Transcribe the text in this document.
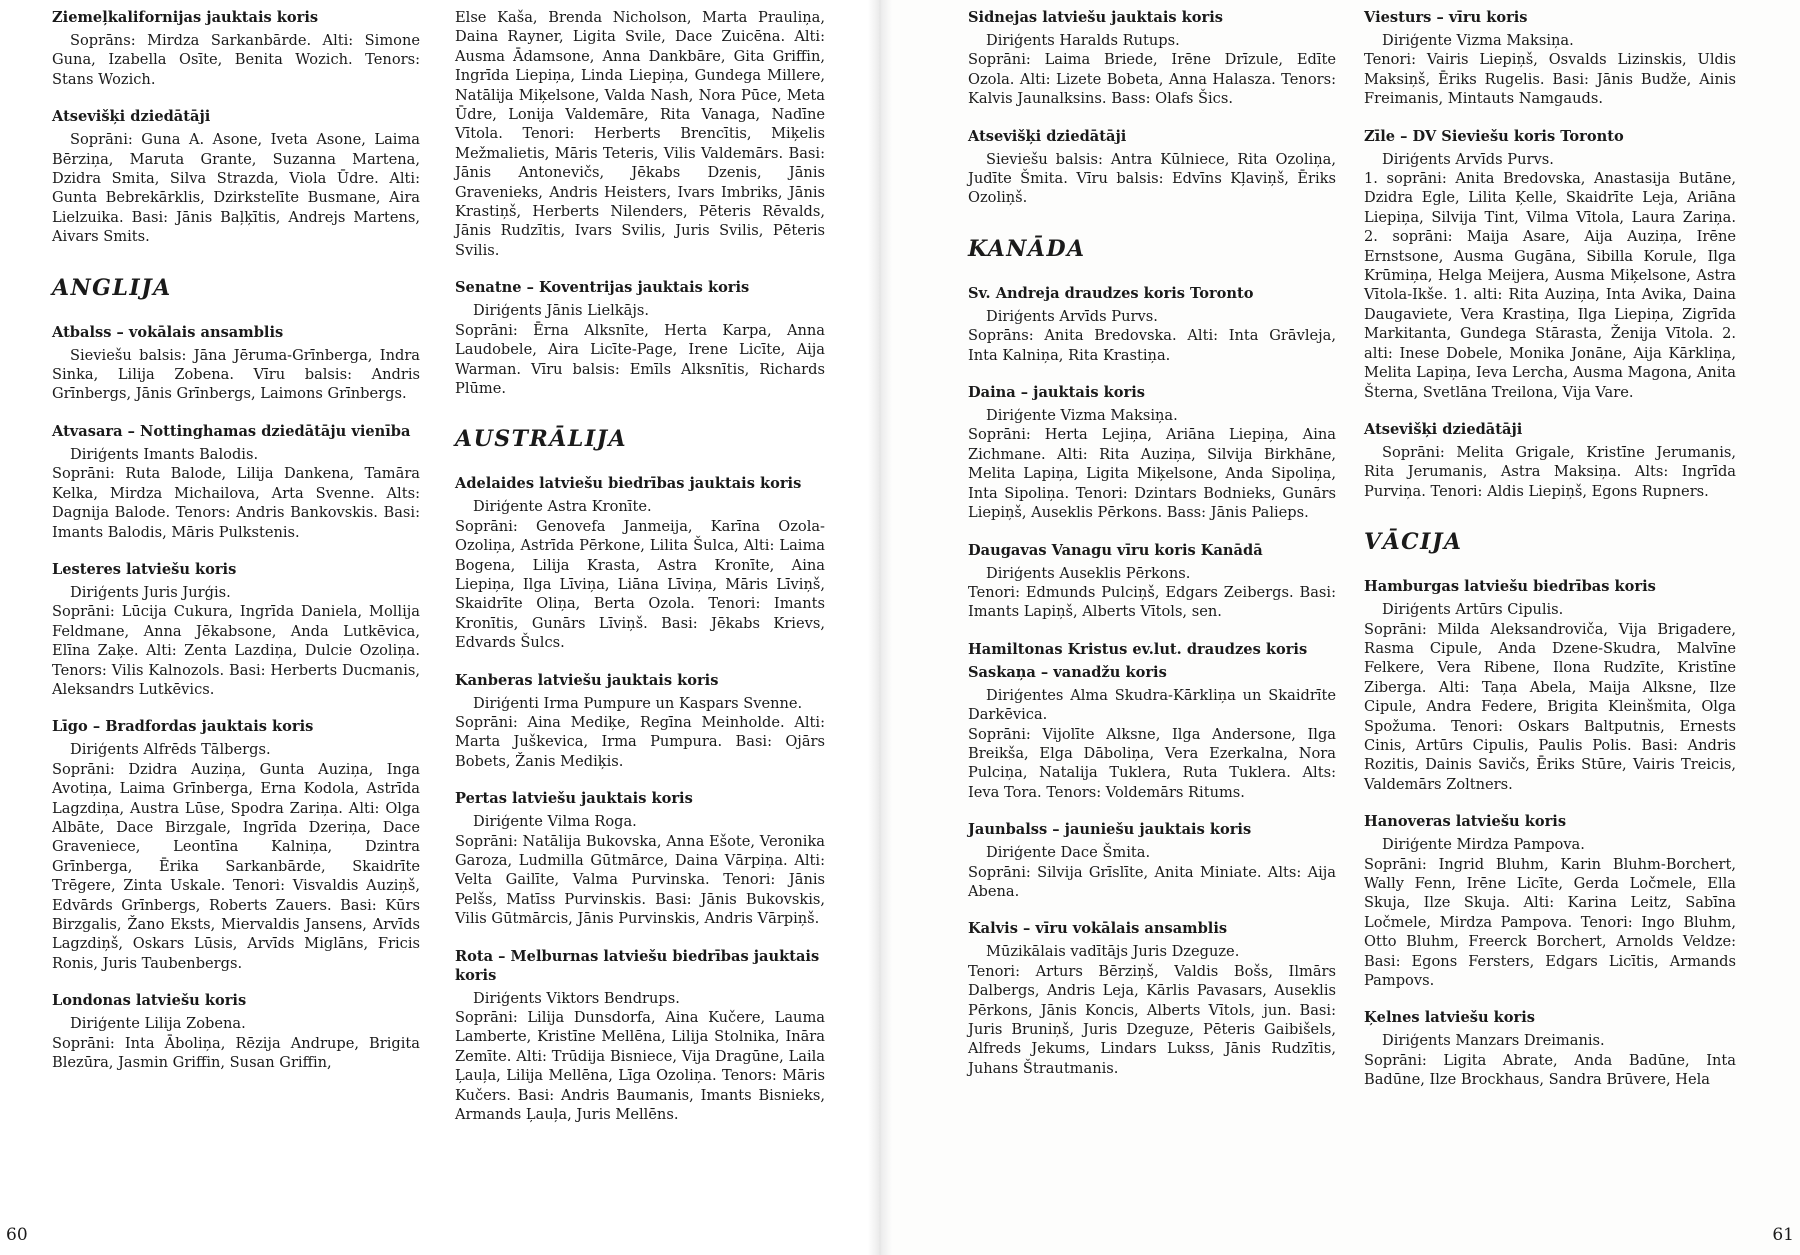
Ziemeļkalifornijas jauktais koris

Soprāns: Mirdza Sarkanbārde. Alti: Simone Guna, Izabella Osīte, Benita Wozich. Tenors: Stans Wozich.

Atsevišķi dziedātāji

Soprāni: Guna A. Asone, Iveta Asone, Laima Bērziņa, Maruta Grante, Suzanna Martena, Dzidra Smita, Silva Strazda, Viola Ūdre. Alti: Gunta Bebrekārklis, Dzirkstelīte Busmane, Aira Lielzuika. Basi: Jānis Baļķītis, Andrejs Martens, Aivars Smits.

ANGLIJA
Atbalss – vokālais ansamblis

Sieviešu balsis: Jāna Jēruma-Grīnberga, Indra Sinka, Lilija Zobena. Vīru balsis: Andris Grīnbergs, Jānis Grīnbergs, Laimons Grīnbergs.

Atvasara – Nottinghamas dziedātāju vienība

Diriģents Imants Balodis.
Soprāni: Ruta Balode, Lilija Dankena, Tamāra Kelka, Mirdza Michailova, Arta Svenne. Alts: Dagnija Balode. Tenors: Andris Bankovskis. Basi: Imants Balodis, Māris Pulkstenis.

Lesteres latviešu koris

Diriģents Juris Jurģis.
Soprāni: Lūcija Cukura, Ingrīda Daniela, Mollija Feldmane, Anna Jēkabsone, Anda Lutkēvica, Elīna Zaķe. Alti: Zenta Lazdiņa, Dulcie Ozoliņa. Tenors: Vilis Kalnozols. Basi: Herberts Ducmanis, Aleksandrs Lutkēvics.

Līgo – Bradfordas jauktais koris

Diriģents Alfrēds Tālbergs.
Soprāni: Dzidra Auziņa, Gunta Auziņa, Inga Avotiņa, Laima Grīnberga, Erna Kodola, Astrīda Lagzdiņa, Austra Lūse, Spodra Zariņa. Alti: Olga Albāte, Dace Birzgale, Ingrīda Dzeriņa, Dace Graveniece, Leontīna Kalniņa, Dzintra Grīnberga, Ērika Sarkanbārde, Skaidrīte Trēgere, Zinta Uskale. Tenori: Visvaldis Auziņš, Edvārds Grīnbergs, Roberts Zauers. Basi: Kūrs Birzgalis, Žano Eksts, Miervaldis Jansens, Arvīds Lagzdiņš, Oskars Lūsis, Arvīds Miglāns, Fricis Ronis, Juris Taubenbergs.

Londonas latviešu koris

Diriģente Lilija Zobena.
Soprāni: Inta Āboliņa, Rēzija Andrupe, Brigita Blezūra, Jasmin Griffin, Susan Griffin,

Else Kaša, Brenda Nicholson, Marta Prauliņa, Daina Rayner, Ligita Svile, Dace Zuicēna. Alti: Ausma Ādamsone, Anna Dankbāre, Gita Griffin, Ingrīda Liepiņa, Linda Liepiņa, Gundega Millere, Natālija Miķelsone, Valda Nash, Nora Pūce, Meta Ūdre, Lonija Valdemāre, Rita Vanaga, Nadīne Vītola. Tenori: Herberts Brencītis, Miķelis Mežmalietis, Māris Teteris, Vilis Valdemārs. Basi: Jānis Antonevičs, Jēkabs Dzenis, Jānis Gravenieks, Andris Heisters, Ivars Imbriks, Jānis Krastiņš, Herberts Nilenders, Pēteris Rēvalds, Jānis Rudzītis, Ivars Svilis, Juris Svilis, Pēteris Svilis.

Senatne – Koventrijas jauktais koris

Diriģents Jānis Lielkājs.
Soprāni: Ērna Alksnīte, Herta Karpa, Anna Laudobele, Aira Licīte-Page, Irene Licīte, Aija Warman. Vīru balsis: Emīls Alksnītis, Richards Plūme.

AUSTRĀLIJA
Adelaides latviešu biedrības jauktais koris

Diriģente Astra Kronīte.
Soprāni: Genovefa Janmeija, Karīna Ozola-Ozoliņa, Astrīda Pērkone, Lilita Šulca, Alti: Laima Bogena, Lilija Krasta, Astra Kronīte, Aina Liepiņa, Ilga Līviņa, Liāna Līviņa, Māris Līviņš, Skaidrīte Oliņa, Berta Ozola. Tenori: Imants Kronītis, Gunārs Līviņš. Basi: Jēkabs Krievs, Edvards Šulcs.

Kanberas latviešu jauktais koris

Diriģenti Irma Pumpure un Kaspars Svenne.
Soprāni: Aina Mediķe, Regīna Meinholde. Alti: Marta Juškevica, Irma Pumpura. Basi: Ojārs Bobets, Žanis Mediķis.

Pertas latviešu jauktais koris

Diriģente Vilma Roga.
Soprāni: Natālija Bukovska, Anna Ešote, Veronika Garoza, Ludmilla Gūtmārce, Daina Vārpiņa. Alti: Velta Gailīte, Valma Purvinska. Tenori: Jānis Pelšs, Matīss Purvinskis. Basi: Jānis Bukovskis, Vilis Gūtmārcis, Jānis Purvinskis, Andris Vārpiņš.

Rota – Melburnas latviešu biedrības jauktais koris

Diriģents Viktors Bendrups.
Soprāni: Lilija Dunsdorfa, Aina Kučere, Lauma Lamberte, Kristīne Mellēna, Lilija Stolnika, Ināra Zemīte. Alti: Trūdija Bisniece, Vija Dragūne, Laila Ļauļa, Lilija Mellēna, Līga Ozoliņa. Tenors: Māris Kučers. Basi: Andris Baumanis, Imants Bisnieks, Armands Ļauļa, Juris Mellēns.

Sidnejas latviešu jauktais koris

Diriģents Haralds Rutups.
Soprāni: Laima Briede, Irēne Drīzule, Edīte Ozola. Alti: Lizete Bobeta, Anna Halasza. Tenors: Kalvis Jaunalksins. Bass: Olafs Šics.

Atsevišķi dziedātāji

Sieviešu balsis: Antra Kūlniece, Rita Ozoliņa, Judīte Šmita. Vīru balsis: Edvīns Kļaviņš, Ēriks Ozoliņš.

KANĀDA
Sv. Andreja draudzes koris Toronto

Diriģents Arvīds Purvs.
Soprāns: Anita Bredovska. Alti: Inta Grāvleja, Inta Kalniņa, Rita Krastiņa.

Daina – jauktais koris

Diriģente Vizma Maksiņa.
Soprāni: Herta Lejiņa, Ariāna Liepiņa, Aina Zichmane. Alti: Rita Auziņa, Silvija Birkhāne, Melita Lapiņa, Ligita Miķelsone, Anda Sipoliņa, Inta Sipoliņa. Tenori: Dzintars Bodnieks, Gunārs Liepiņš, Auseklis Pērkons. Bass: Jānis Palieps.

Daugavas Vanagu vīru koris Kanādā

Diriģents Auseklis Pērkons.
Tenori: Edmunds Pulciņš, Edgars Zeibergs. Basi: Imants Lapiņš, Alberts Vītols, sen.

Hamiltonas Kristus ev.lut. draudzes koris
Saskaņa – vanadžu koris

Diriģentes Alma Skudra-Kārkliņa un Skaidrīte Darkēvica.
Soprāni: Vijolīte Alksne, Ilga Andersone, Ilga Breikša, Elga Dāboliņa, Vera Ezerkalna, Nora Pulciņa, Natalija Tuklera, Ruta Tuklera. Alts: Ieva Tora. Tenors: Voldemārs Ritums.

Jaunbalss – jauniešu jauktais koris

Diriģente Dace Šmita.
Soprāni: Silvija Grīslīte, Anita Miniate. Alts: Aija Abena.

Kalvis – vīru vokālais ansamblis

Mūzikālais vadītājs Juris Dzeguze.
Tenori: Arturs Bērziņš, Valdis Bošs, Ilmārs Dalbergs, Andris Leja, Kārlis Pavasars, Auseklis Pērkons, Jānis Koncis, Alberts Vītols, jun. Basi: Juris Bruniņš, Juris Dzeguze, Pēteris Gaibišels, Alfreds Jekums, Lindars Lukss, Jānis Rudzītis, Juhans Štrautmanis.

Viesturs – vīru koris

Diriģente Vizma Maksiņa.
Tenori: Vairis Liepiņš, Osvalds Lizinskis, Uldis Maksiņš, Ēriks Rugelis. Basi: Jānis Budže, Ainis Freimanis, Mintauts Namgauds.

Zīle – DV Sieviešu koris Toronto

Diriģents Arvīds Purvs.
1. soprāni: Anita Bredovska, Anastasija Butāne, Dzidra Egle, Lilita Ķelle, Skaidrīte Leja, Ariāna Liepiņa, Silvija Tint, Vilma Vītola, Laura Zariņa. 2. soprāni: Maija Asare, Aija Auziņa, Irēne Ernstsone, Ausma Gugāna, Sibilla Korule, Ilga Krūmiņa, Helga Meijera, Ausma Miķelsone, Astra Vītola-Ikše. 1. alti: Rita Auziņa, Inta Avika, Daina Daugaviete, Vera Krastiņa, Ilga Liepiņa, Zigrīda Markitanta, Gundega Stārasta, Ženija Vītola. 2. alti: Inese Dobele, Monika Jonāne, Aija Kārkliņa, Melita Lapiņa, Ieva Lercha, Ausma Magona, Anita Šterna, Svetlāna Treilona, Vija Vare.

Atsevišķi dziedātāji

Soprāni: Melita Grigale, Kristīne Jerumanis, Rita Jerumanis, Astra Maksiņa. Alts: Ingrīda Purviņa. Tenori: Aldis Liepiņš, Egons Rupners.

VĀCIJA
Hamburgas latviešu biedrības koris

Diriģents Artūrs Cipulis.
Soprāni: Milda Aleksandroviča, Vija Brigadere, Rasma Cipule, Anda Dzene-Skudra, Malvīne Felkere, Vera Ribene, Ilona Rudzīte, Kristīne Ziberga. Alti: Taņa Abela, Maija Alksne, Ilze Cipule, Andra Federe, Brigita Kleinšmita, Olga Spožuma. Tenori: Oskars Baltputnis, Ernests Cinis, Artūrs Cipulis, Paulis Polis. Basi: Andris Rozitis, Dainis Savičs, Ēriks Stūre, Vairis Treicis, Valdemārs Zoltners.

Hanoveras latviešu koris

Diriģente Mirdza Pampova.
Soprāni: Ingrid Bluhm, Karin Bluhm-Borchert, Wally Fenn, Irēne Licīte, Gerda Ločmele, Ella Skuja, Ilze Skuja. Alti: Karina Leitz, Sabīna Ločmele, Mirdza Pampova. Tenori: Ingo Bluhm, Otto Bluhm, Freerck Borchert, Arnolds Veldze: Basi: Egons Fersters, Edgars Licītis, Armands Pampovs.

Ķelnes latviešu koris

Diriģents Manzars Dreimanis.
Soprāni: Ligita Abrate, Anda Badūne, Inta Badūne, Ilze Brockhaus, Sandra Brūvere, Hela

60	61
